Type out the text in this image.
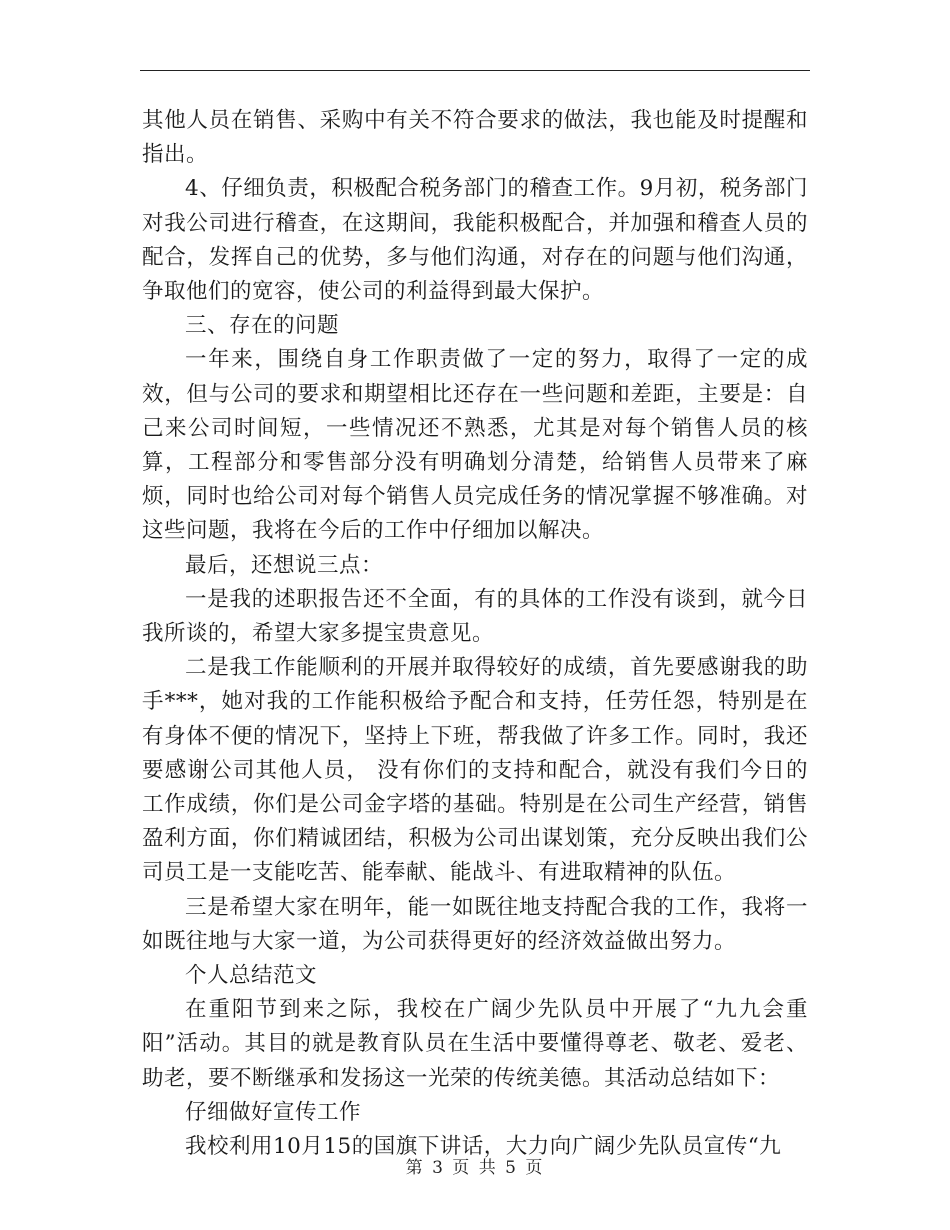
其他人员在销售、采购中有关不符合要求的做法，我也能及时提醒和指出。

4、仔细负责，积极配合税务部门的稽查工作。9月初，税务部门对我公司进行稽查，在这期间，我能积极配合，并加强和稽查人员的配合，发挥自己的优势，多与他们沟通，对存在的问题与他们沟通，争取他们的宽容，使公司的利益得到最大保护。

三、存在的问题

一年来，围绕自身工作职责做了一定的努力，取得了一定的成效，但与公司的要求和期望相比还存在一些问题和差距，主要是：自己来公司时间短，一些情况还不熟悉，尤其是对每个销售人员的核算，工程部分和零售部分没有明确划分清楚，给销售人员带来了麻烦，同时也给公司对每个销售人员完成任务的情况掌握不够准确。对这些问题，我将在今后的工作中仔细加以解决。

最后，还想说三点：

一是我的述职报告还不全面，有的具体的工作没有谈到，就今日我所谈的，希望大家多提宝贵意见。

二是我工作能顺利的开展并取得较好的成绩，首先要感谢我的助手***，她对我的工作能积极给予配合和支持，任劳任怨，特别是在有身体不便的情况下，坚持上下班，帮我做了许多工作。同时，我还要感谢公司其他人员， 没有你们的支持和配合，就没有我们今日的工作成绩，你们是公司金字塔的基础。特别是在公司生产经营，销售盈利方面，你们精诚团结，积极为公司出谋划策，充分反映出我们公司员工是一支能吃苦、能奉献、能战斗、有进取精神的队伍。

三是希望大家在明年，能一如既往地支持配合我的工作，我将一如既往地与大家一道，为公司获得更好的经济效益做出努力。

个人总结范文

在重阳节到来之际，我校在广阔少先队员中开展了“九九会重阳”活动。其目的就是教育队员在生活中要懂得尊老、敬老、爱老、助老，要不断继承和发扬这一光荣的传统美德。其活动总结如下：

仔细做好宣传工作

我校利用10月15的国旗下讲话，大力向广阔少先队员宣传“九

第 3 页 共 5 页
